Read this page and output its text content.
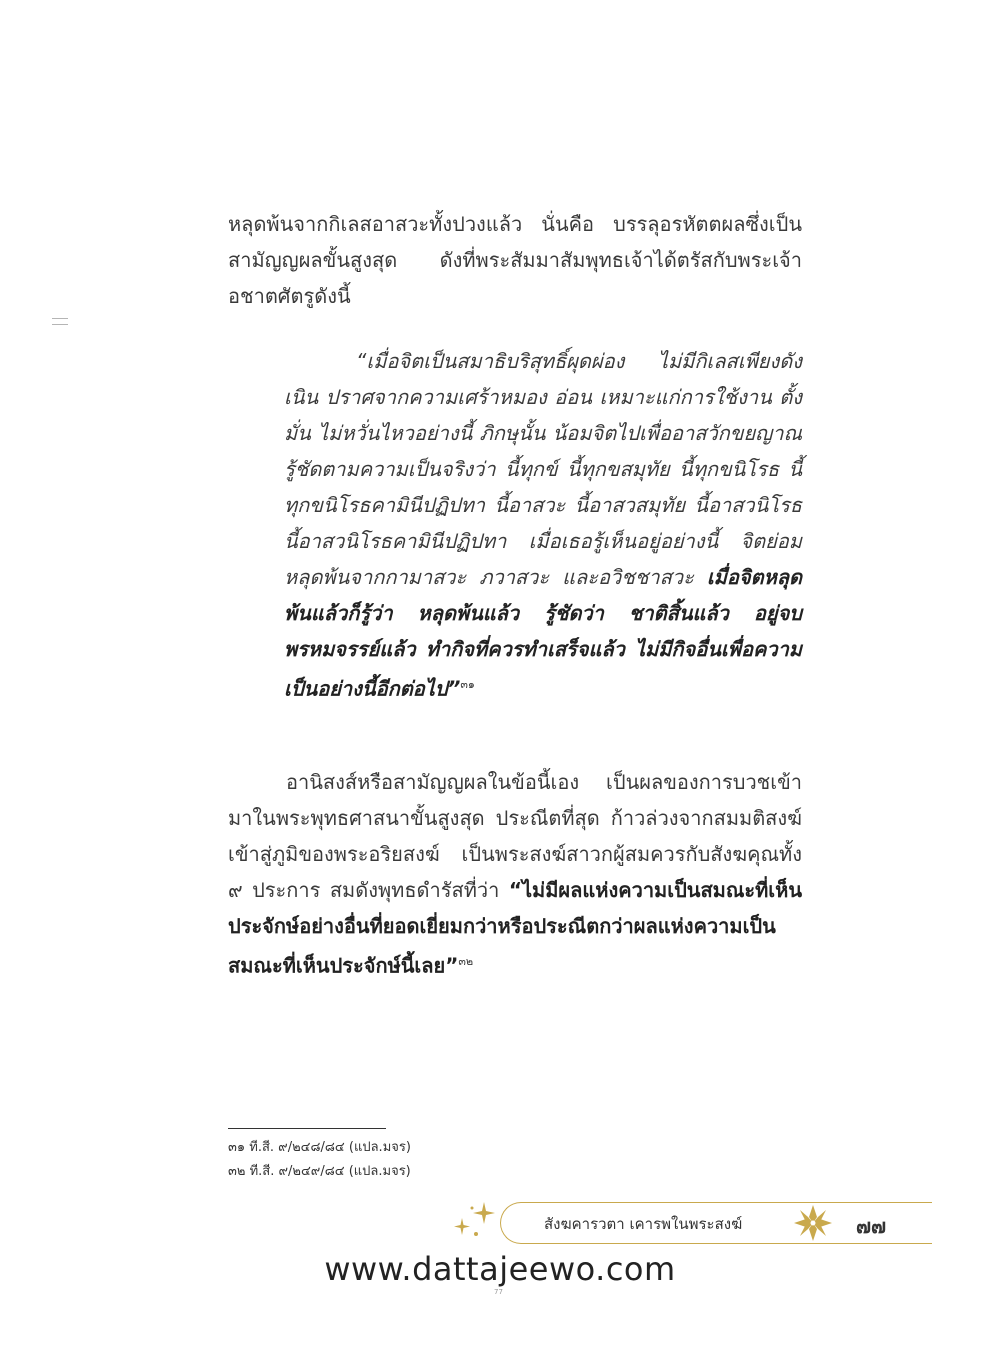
หลุดพ้นจากกิเลสอาสวะทั้งปวงแล้ว นั่นคือ บรรลุอรหัตตผลซึ่งเป็นสามัญญผลขั้นสูงสุด ดังที่พระสัมมาสัมพุทธเจ้าได้ตรัสกับพระเจ้าอชาตศัตรูดังนี้

“เมื่อจิตเป็นสมาธิบริสุทธิ์ผุดผ่อง ไม่มีกิเลสเพียงดังเนิน ปราศจากความเศร้าหมอง อ่อน เหมาะแก่การใช้งาน ตั้งมั่น ไม่หวั่นไหวอย่างนี้ ภิกษุนั้น น้อมจิตไปเพื่ออาสวักขยญาณ รู้ชัดตามความเป็นจริงว่า นี้ทุกข์ นี้ทุกขสมุทัย นี้ทุกขนิโรธ นี้ทุกขนิโรธคามินีปฏิปทา นี้อาสวะ นี้อาสวสมุทัย นี้อาสวนิโรธ นี้อาสวนิโรธคามินีปฏิปทา เมื่อเธอรู้เห็นอยู่อย่างนี้ จิตย่อมหลุดพ้นจากกามาสวะ ภวาสวะ และอวิชชาสวะ เมื่อจิตหลุดพ้นแล้วก็รู้ว่า หลุดพ้นแล้ว รู้ชัดว่า ชาติสิ้นแล้ว อยู่จบพรหมจรรย์แล้ว ทำกิจที่ควรทำเสร็จแล้ว ไม่มีกิจอื่นเพื่อความเป็นอย่างนี้อีกต่อไป”$^{๓๑}$

อานิสงส์หรือสามัญญผลในข้อนี้เอง เป็นผลของการบวชเข้ามาในพระพุทธศาสนาขั้นสูงสุด ประณีตที่สุด ก้าวล่วงจากสมมติสงฆ์เข้าสู่ภูมิของพระอริยสงฆ์ เป็นพระสงฆ์สาวกผู้สมควรกับสังฆคุณทั้ง ๙ ประการ สมดังพุทธดำรัสที่ว่า “ไม่มีผลแห่งความเป็นสมณะที่เห็นประจักษ์อย่างอื่นที่ยอดเยี่ยมกว่าหรือประณีตกว่าผลแห่งความเป็นสมณะที่เห็นประจักษ์นี้เลย”$^{๓๒}$

๓๑ ที.สี. ๙/๒๔๘/๘๔ (แปล.มจร)
๓๒ ที.สี. ๙/๒๔๙/๘๔ (แปล.มจร)
สังฆคารวตา เคารพในพระสงฆ์	๗๗
www.dattajeewo.com
77
